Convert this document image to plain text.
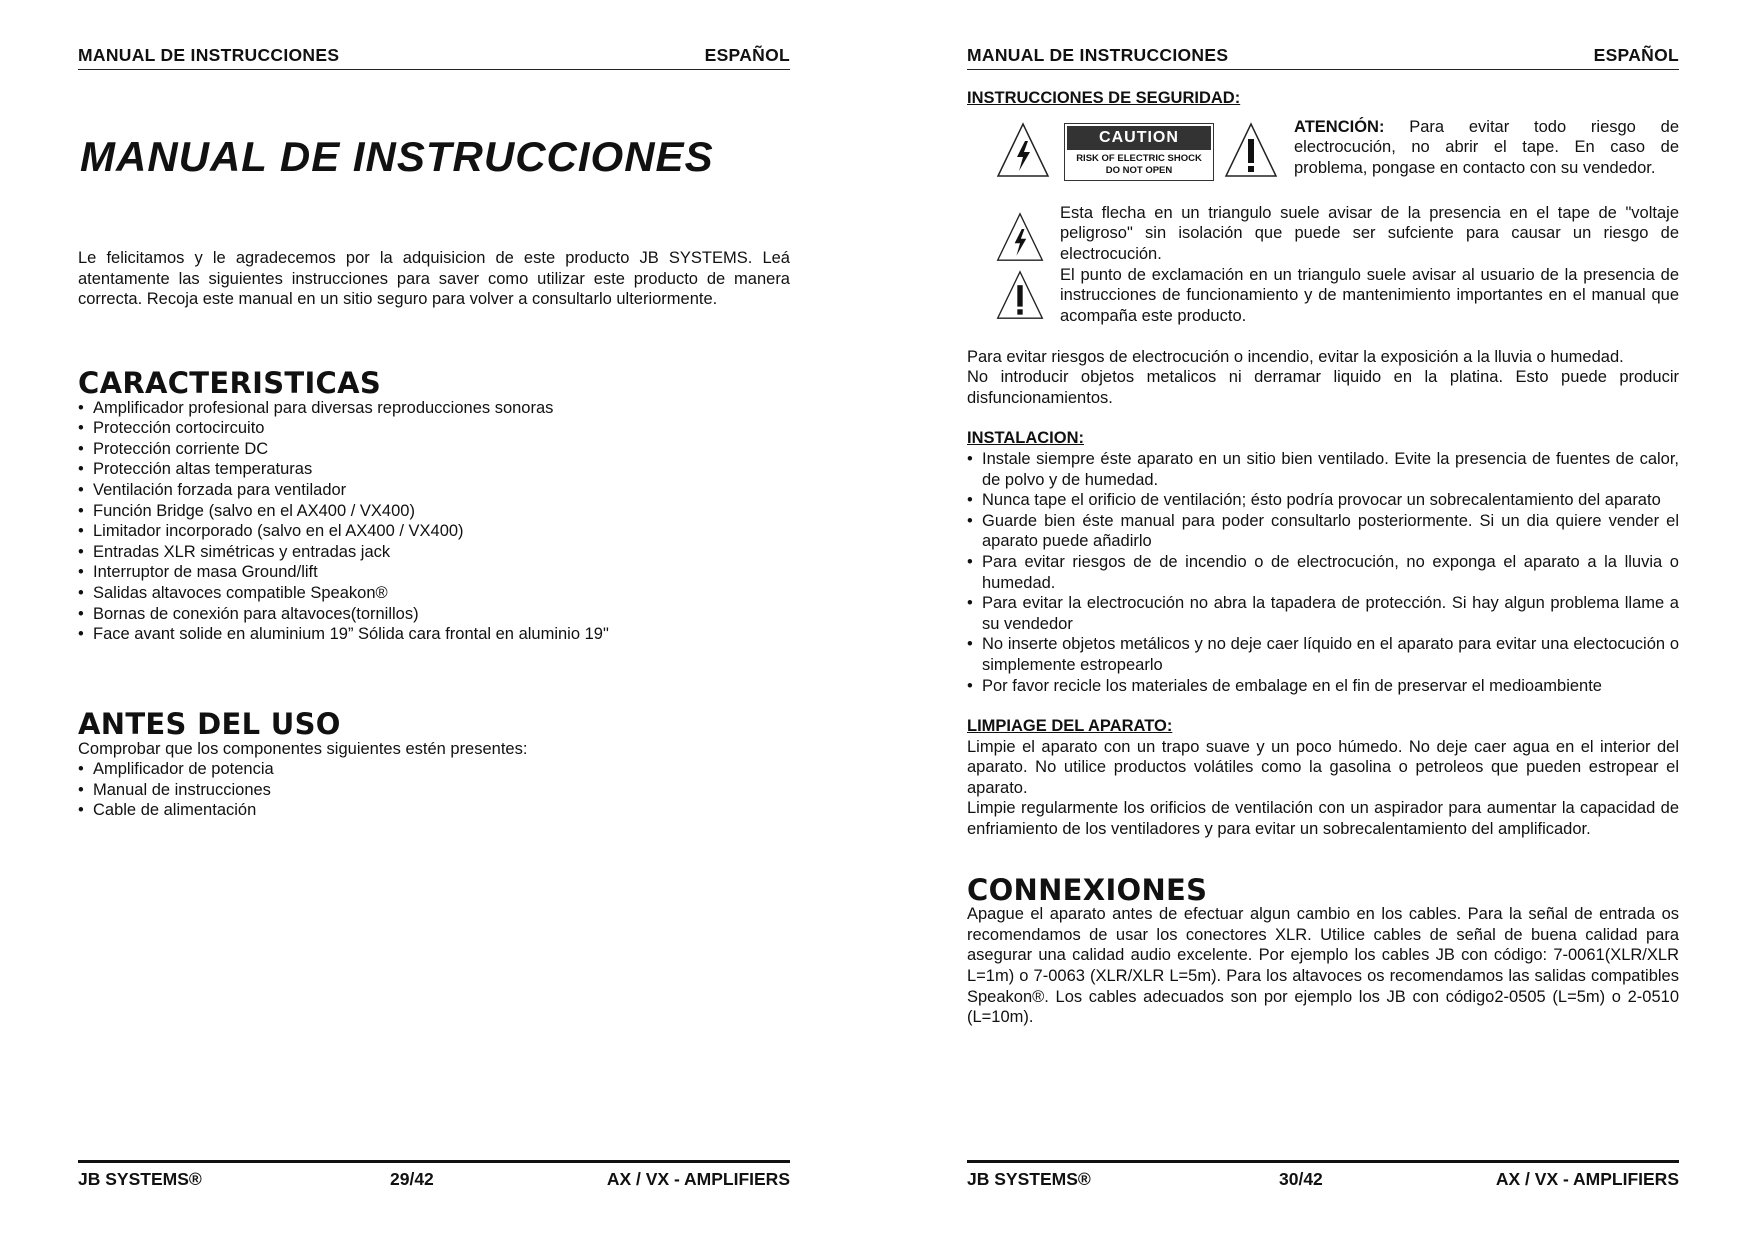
MANUAL DE INSTRUCCIONES	ESPAÑOL
MANUAL DE INSTRUCCIONES
Le felicitamos y le agradecemos por la adquisicion de este producto JB SYSTEMS. Leá atentamente las siguientes instrucciones para saver como utilizar este producto de manera correcta. Recoja este manual en un sitio seguro para volver a consultarlo ulteriormente.
CARACTERISTICAS
• Amplificador profesional para diversas reproducciones sonoras
• Protección cortocircuito
• Protección corriente DC
• Protección altas temperaturas
• Ventilación forzada para ventilador
• Función Bridge (salvo en el AX400 / VX400)
• Limitador incorporado (salvo en el AX400 / VX400)
• Entradas XLR simétricas y entradas jack
• Interruptor de masa Ground/lift
• Salidas altavoces compatible Speakon®
• Bornas de conexión para altavoces(tornillos)
• Face avant solide en aluminium 19” Sólida cara frontal en aluminio 19"
ANTES DEL USO

Comprobar que los componentes siguientes estén presentes:

• Amplificador de potencia
• Manual de instrucciones
• Cable de alimentación
JB SYSTEMS®	29/42	AX / VX - AMPLIFIERS
MANUAL DE INSTRUCCIONES	ESPAÑOL
INSTRUCCIONES DE SEGURIDAD:
CAUTION
RISK OF ELECTRIC SHOCK
DO NOT OPEN

ATENCIÓN: Para evitar todo riesgo de electrocución, no abrir el tape. En caso de problema, pongase en contacto con su vendedor.

Esta flecha en un triangulo suele avisar de la presencia en el tape de "voltaje peligroso" sin isolación que puede ser sufciente para causar un riesgo de electrocución.

El punto de exclamación en un triangulo suele avisar al usuario de la presencia de instrucciones de funcionamiento y de mantenimiento importantes en el manual que acompaña este producto.

Para evitar riesgos de electrocución o incendio, evitar la exposición a la lluvia o humedad.

No introducir objetos metalicos ni derramar liquido en la platina. Esto puede producir disfuncionamientos.

INSTALACION:
• Instale siempre éste aparato en un sitio bien ventilado. Evite la presencia de fuentes de calor, de polvo y de humedad.
• Nunca tape el orificio de ventilación; ésto podría provocar un sobrecalentamiento del aparato
• Guarde bien éste manual para poder consultarlo posteriormente. Si un dia quiere vender el aparato puede añadirlo
• Para evitar riesgos de de incendio o de electrocución, no exponga el aparato a la lluvia o humedad.
• Para evitar la electrocución no abra la tapadera de protección. Si hay algun problema llame a su vendedor
• No inserte objetos metálicos y no deje caer líquido en el aparato para evitar una electocución o simplemente estropearlo
• Por favor recicle los materiales de embalage en el fin de preservar el medioambiente
LIMPIAGE DEL APARATO:

Limpie el aparato con un trapo suave y un poco húmedo. No deje caer agua en el interior del aparato. No utilice productos volátiles como la gasolina o petroleos que pueden estropear el aparato.

Limpie regularmente los orificios de ventilación con un aspirador para aumentar la capacidad de enfriamiento de los ventiladores y para evitar un sobrecalentamiento del amplificador.

CONNEXIONES

Apague el aparato antes de efectuar algun cambio en los cables. Para la señal de entrada os recomendamos de usar los conectores XLR. Utilice cables de señal de buena calidad para asegurar una calidad audio excelente. Por ejemplo los cables JB con código: 7-0061(XLR/XLR L=1m) o 7-0063 (XLR/XLR L=5m). Para los altavoces os recomendamos las salidas compatibles Speakon®. Los cables adecuados son por ejemplo los JB con código2-0505 (L=5m) o 2-0510 (L=10m).

JB SYSTEMS®	30/42	AX / VX - AMPLIFIERS
